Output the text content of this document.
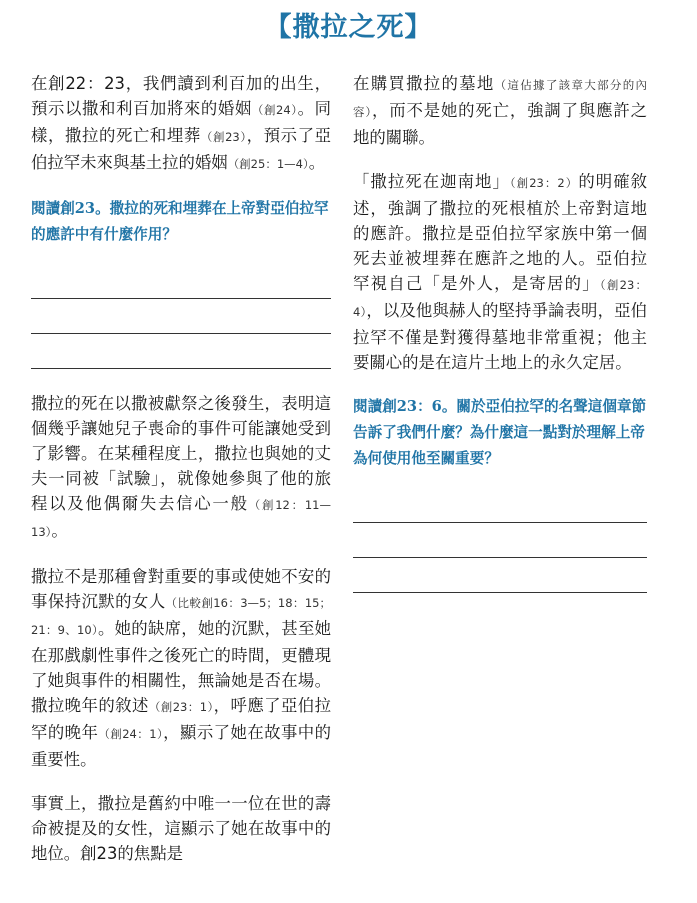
【撒拉之死】
在創22：23，我們讀到利百加的出生，預示以撒和利百加將來的婚姻（創24）。同樣，撒拉的死亡和埋葬（創23），預示了亞伯拉罕未來與基土拉的婚姻（創25：1—4）。
閱讀創23。撒拉的死和埋葬在上帝對亞伯拉罕的應許中有什麼作用？
撒拉的死在以撒被獻祭之後發生，表明這個幾乎讓她兒子喪命的事件可能讓她受到了影響。在某種程度上，撒拉也與她的丈夫一同被「試驗」，就像她參與了他的旅程以及他偶爾失去信心一般（創12：11—13）。
撒拉不是那種會對重要的事或使她不安的事保持沉默的女人（比較創16：3—5；18：15；21：9、10）。她的缺席，她的沉默，甚至她在那戲劇性事件之後死亡的時間，更體現了她與事件的相關性，無論她是否在場。撒拉晚年的敘述（創23：1），呼應了亞伯拉罕的晚年（創24：1），顯示了她在故事中的重要性。
事實上，撒拉是舊約中唯一一位在世的壽命被提及的女性，這顯示了她在故事中的地位。創23的焦點是
在購買撒拉的墓地（這佔據了該章大部分的內容），而不是她的死亡，強調了與應許之地的關聯。
「撒拉死在迦南地」（創23：2）的明確敘述，強調了撒拉的死根植於上帝對這地的應許。撒拉是亞伯拉罕家族中第一個死去並被埋葬在應許之地的人。亞伯拉罕視自己「是外人，是寄居的」（創23：4），以及他與赫人的堅持爭論表明，亞伯拉罕不僅是對獲得墓地非常重視；他主要關心的是在這片土地上的永久定居。
閱讀創23：6。關於亞伯拉罕的名聲這個章節告訴了我們什麼？為什麼這一點對於理解上帝為何使用他至關重要？
